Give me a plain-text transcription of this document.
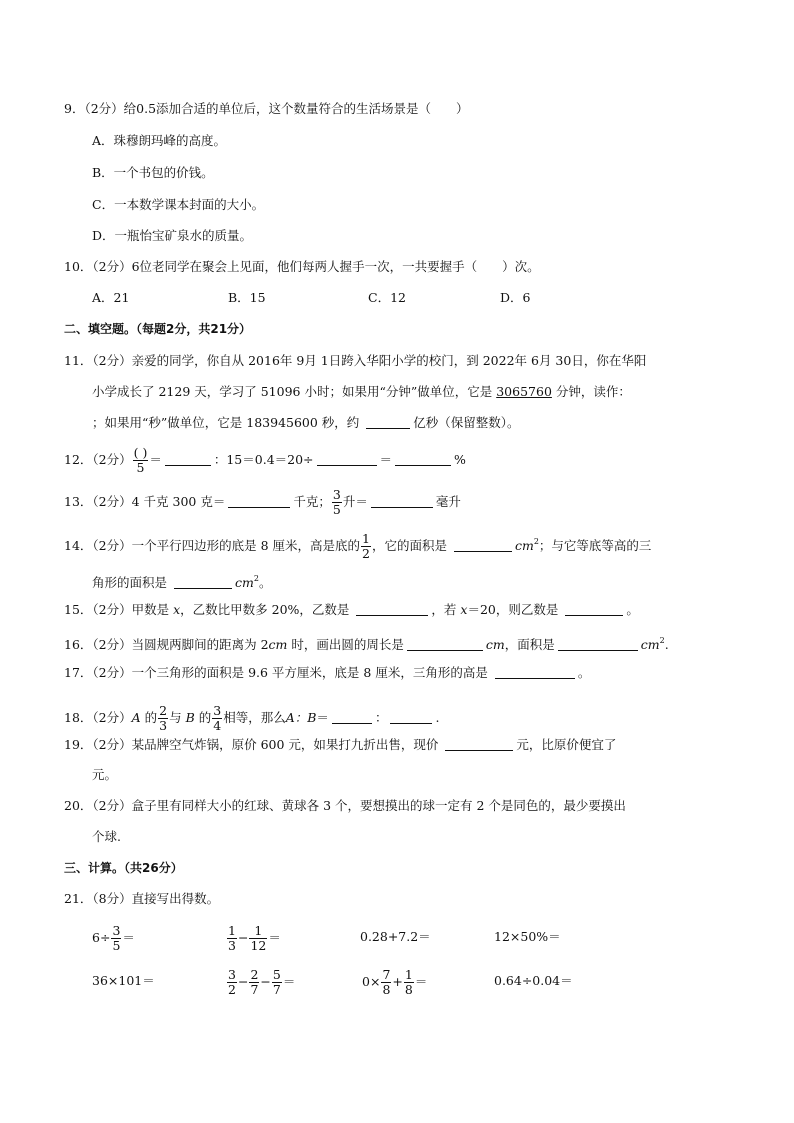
9．（2分）给0.5添加合适的单位后，这个数量符合的生活场景是（　　）
A．珠穆朗玛峰的高度。
B．一个书包的价钱。
C．一本数学课本封面的大小。
D．一瓶怡宝矿泉水的质量。
10．（2分）6位老同学在聚会上见面，他们每两人握手一次，一共要握手（　　）次。
A．21	B．15	C．12	D．6
二、填空题。（每题2分，共21分）
11．（2分）亲爱的同学，你自从 2016年 9月 1日跨入华阳小学的校门，到 2022年 6月 30日，你在华阳
小学成长了 2129 天，学习了 51096 小时；如果用“分钟”做单位，它是 3065760 分钟，读作：
；如果用“秒”做单位，它是 183945600 秒，约	亿秒（保留整数）。
12．（2分） $\frac{( )}{5}$ ＝	：15＝0.4＝20÷	＝	%
13．（2分）4 千克 300 克＝	千克； $\frac{3}{5}$ 升＝	毫升
14．（2分）一个平行四边形的底是 8 厘米，高是底的 $\frac{1}{2}$ ，它的面积是	$cm^2$；与它等底等高的三
角形的面积是	$cm^2$。
15．（2分）甲数是 x，乙数比甲数多 20%，乙数是	，若 x＝20，则乙数是	。
16．（2分）当圆规两脚间的距离为 2cm 时，画出圆的周长是	cm，面积是	$cm^2$.
17．（2分）一个三角形的面积是 9.6 平方厘米，底是 8 厘米，三角形的高是	。
18．（2分）A 的 $\frac{2}{3}$ 与 B 的 $\frac{3}{4}$ 相等，那么A：B＝	：	.
19．（2分）某品牌空气炸锅，原价 600 元，如果打九折出售，现价	元，比原价便宜了
元。
20．（2分）盒子里有同样大小的红球、黄球各 3 个，要想摸出的球一定有 2 个是同色的，最少要摸出
个球.
三、计算。（共26分）
21．（8分）直接写出得数。
$6\div \frac{3}{5}$ ＝	$\frac{1}{3} - \frac{1}{12}$ ＝	0.28+7.2＝	12×50%＝
36×101＝	$\frac{3}{2} - \frac{2}{7} - \frac{5}{7}$ ＝	$0\times \frac{7}{8} + \frac{1}{8}$ ＝	0.64÷0.04＝
